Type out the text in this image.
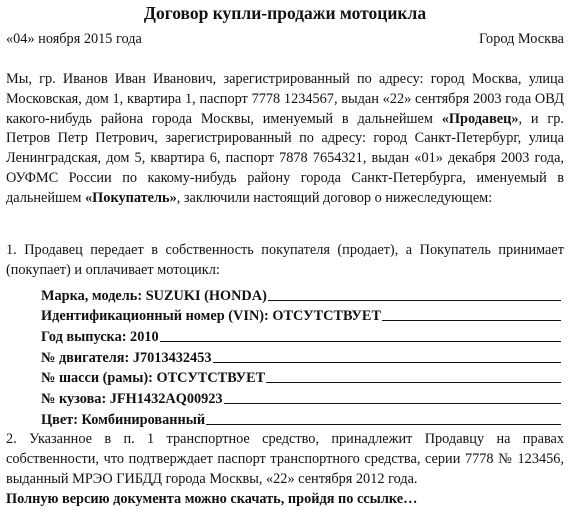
Договор купли-продажи мотоцикла
«04» ноября 2015 года	Город Москва

Мы, гр. Иванов Иван Иванович, зарегистрированный по адресу: город Москва, улица Московская, дом 1, квартира 1, паспорт 7778 1234567, выдан «22» сентября 2003 года ОВД какого-нибудь района города Москвы, именуемый в дальнейшем «Продавец», и гр. Петров Петр Петрович, зарегистрированный по адресу: город Санкт-Петербург, улица Ленинградская, дом 5, квартира 6, паспорт 7878 7654321, выдан «01» декабря 2003 года, ОУФМС России по какому-нибудь району города Санкт-Петербурга, именуемый в дальнейшем «Покупатель», заключили настоящий договор о нижеследующем:

1. Продавец передает в собственность покупателя (продает), а Покупатель принимает (покупает) и оплачивает мотоцикл:

Марка, модель: SUZUKI (HONDA)
Идентификационный номер (VIN): ОТСУТСТВУЕТ
Год выпуска: 2010
№ двигателя: J7013432453
№ шасси (рамы): ОТСУТСТВУЕТ
№ кузова: JFH1432AQ00923
Цвет: Комбинированный

2. Указанное в п. 1 транспортное средство, принадлежит Продавцу на правах собственности, что подтверждает паспорт транспортного средства, серии 7778 № 123456, выданный МРЭО ГИБДД города Москвы, «22» сентября 2012 года.

Полную версию документа можно скачать, пройдя по ссылке…
